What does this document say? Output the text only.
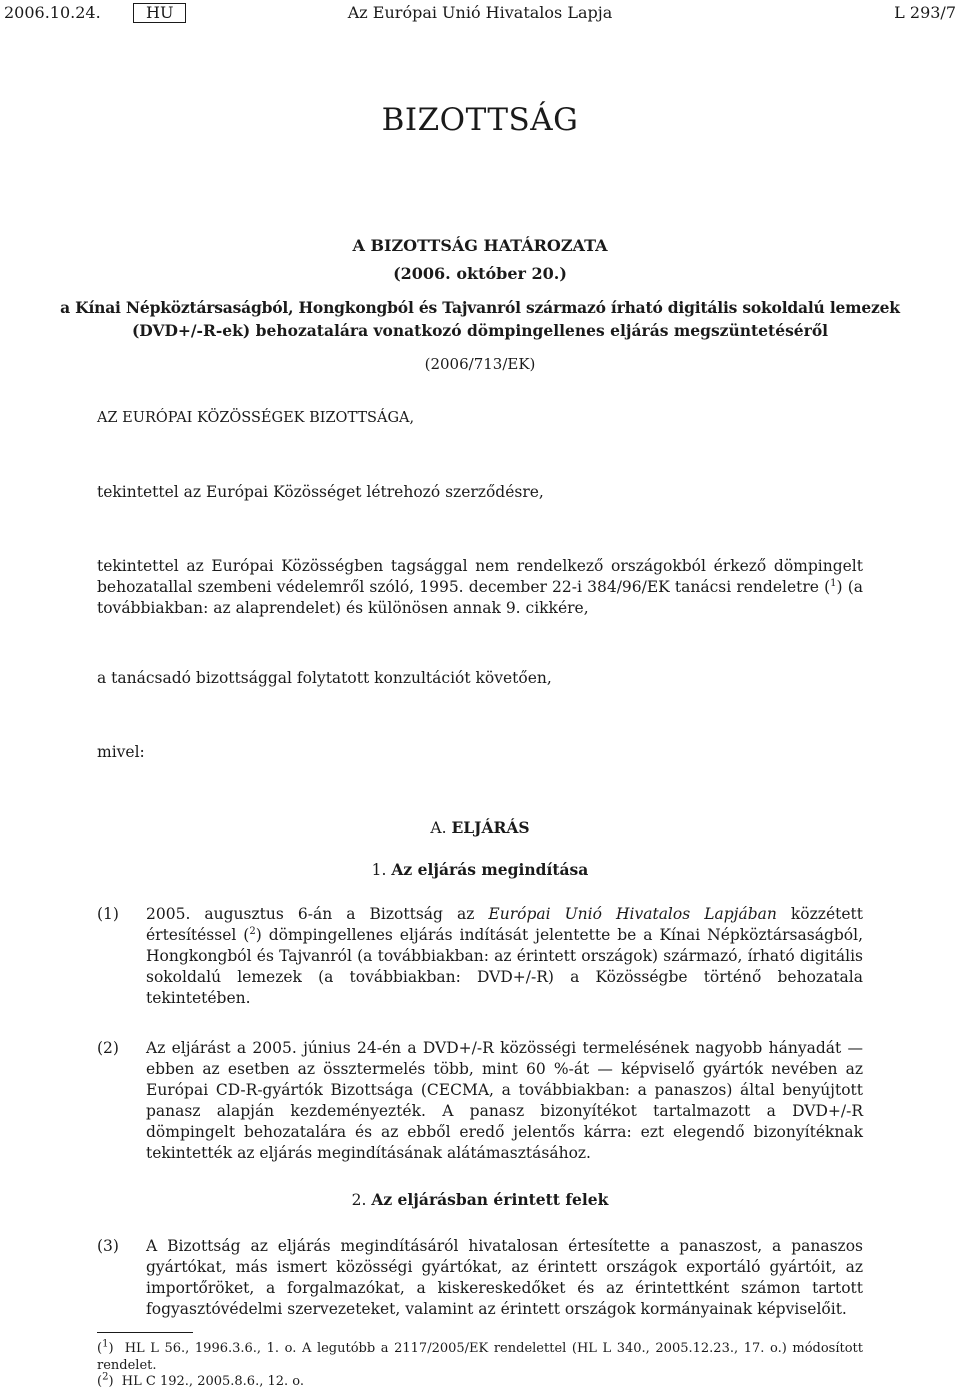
2006.10.24.	HU	Az Európai Unió Hivatalos Lapja	L 293/7
BIZOTTSÁG
A BIZOTTSÁG HATÁROZATA
(2006. október 20.)
a Kínai Népköztársaságból, Hongkongból és Tajvanról származó írható digitális sokoldalú lemezek
(DVD+/-R-ek) behozatalára vonatkozó dömpingellenes eljárás megszüntetéséről
(2006/713/EK)
AZ EURÓPAI KÖZÖSSÉGEK BIZOTTSÁGA,
tekintettel az Európai Közösséget létrehozó szerződésre,
tekintettel az Európai Közösségben tagsággal nem rendelkező országokból érkező dömpingelt behozatallal szembeni védelemről szóló, 1995. december 22-i 384/96/EK tanácsi rendeletre ($^1$) (a továbbiakban: az alaprendelet) és különösen annak 9. cikkére,
a tanácsadó bizottsággal folytatott konzultációt követően,
mivel:
A. ELJÁRÁS
1. Az eljárás megindítása
(1) 2005. augusztus 6-án a Bizottság az Európai Unió Hivatalos Lapjában közzétett értesítéssel ($^2$) dömpingellenes eljárás indítását jelentette be a Kínai Népköztársaságból, Hongkongból és Tajvanról (a továbbiakban: az érintett országok) származó, írható digitális sokoldalú lemezek (a továbbiakban: DVD+/-R) a Közösségbe történő behozatala tekintetében.
(2) Az eljárást a 2005. június 24-én a DVD+/-R közösségi termelésének nagyobb hányadát — ebben az esetben az össztermelés több, mint 60 %-át — képviselő gyártók nevében az Európai CD-R-gyártók Bizottsága (CECMA, a továbbiakban: a panaszos) által benyújtott panasz alapján kezdeményezték. A panasz bizonyítékot tartalmazott a DVD+/-R dömpingelt behozatalára és az ebből eredő jelentős kárra: ezt elegendő bizonyítéknak tekintették az eljárás megindításának alátámasztásához.
2. Az eljárásban érintett felek
(3) A Bizottság az eljárás megindításáról hivatalosan értesítette a panaszost, a panaszos gyártókat, más ismert közösségi gyártókat, az érintett országok exportáló gyártóit, az importőröket, a forgalmazókat, a kiskereskedőket és az érintettként számon tartott fogyasztóvédelmi szervezeteket, valamint az érintett országok kormányainak képviselőit.
($^1$)  HL L 56., 1996.3.6., 1. o. A legutóbb a 2117/2005/EK rendelettel (HL L 340., 2005.12.23., 17. o.) módosított rendelet.
($^2$)  HL C 192., 2005.8.6., 12. o.
